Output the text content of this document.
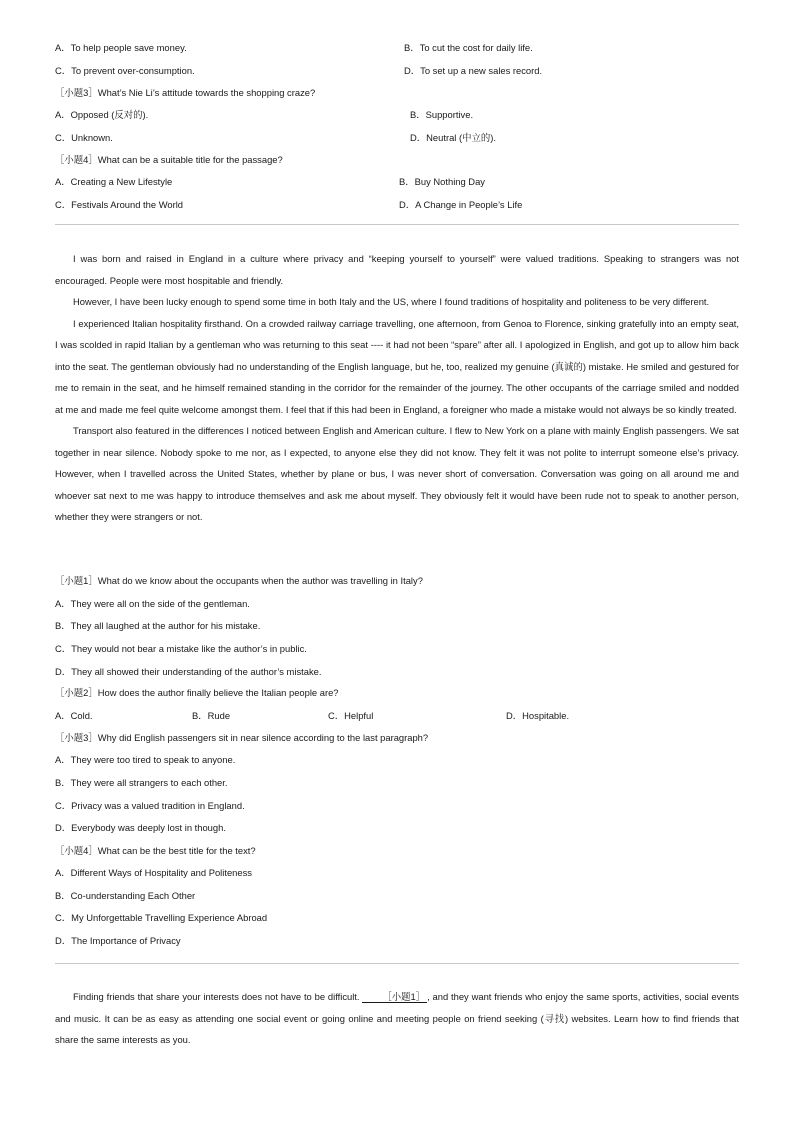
A．To help people save money.	B．To cut the cost for daily life.
C．To prevent over-consumption.	D．To set up a new sales record.
［小题3］What’s Nie Li’s attitude towards the shopping craze?
A．Opposed (反对的).	B．Supportive.
C．Unknown.	D．Neutral (中立的).
［小题4］What can be a suitable title for the passage?
A．Creating a New Lifestyle	B．Buy Nothing Day
C．Festivals Around the World	D．A Change in People’s Life

I was born and raised in England in a culture where privacy and “keeping yourself to yourself” were valued traditions. Speaking to strangers was not encouraged. People were most hospitable and friendly.

However, I have been lucky enough to spend some time in both Italy and the US, where I found traditions of hospitality and politeness to be very different.

I experienced Italian hospitality firsthand. On a crowded railway carriage travelling, one afternoon, from Genoa to Florence, sinking gratefully into an empty seat, I was scolded in rapid Italian by a gentleman who was returning to this seat ---- it had not been “spare” after all. I apologized in English, and got up to allow him back into the seat. The gentleman obviously had no understanding of the English language, but he, too, realized my genuine (真诚的) mistake. He smiled and gestured for me to remain in the seat, and he himself remained standing in the corridor for the remainder of the journey. The other occupants of the carriage smiled and nodded at me and made me feel quite welcome amongst them. I feel that if this had been in England, a foreigner who made a mistake would not always be so kindly treated.

Transport also featured in the differences I noticed between English and American culture. I flew to New York on a plane with mainly English passengers. We sat together in near silence. Nobody spoke to me nor, as I expected, to anyone else they did not know. They felt it was not polite to interrupt someone else’s privacy. However, when I travelled across the United States, whether by plane or bus, I was never short of conversation. Conversation was going on all around me and whoever sat next to me was happy to introduce themselves and ask me about myself. They obviously felt it would have been rude not to speak to another person, whether they were strangers or not.

［小题1］What do we know about the occupants when the author was travelling in Italy?
A．They were all on the side of the gentleman.
B．They all laughed at the author for his mistake.
C．They would not bear a mistake like the author’s in public.
D．They all showed their understanding of the author’s mistake.
［小题2］How does the author finally believe the Italian people are?
A．Cold.	B．Rude	C．Helpful	D．Hospitable.
［小题3］Why did English passengers sit in near silence according to the last paragraph?
A．They were too tired to speak to anyone.
B．They were all strangers to each other.
C．Privacy was a valued tradition in England.
D．Everybody was deeply lost in though.
［小题4］What can be the best title for the text?
A．Different Ways of Hospitality and Politeness
B．Co-understanding Each Other
C．My Unforgettable Travelling Experience Abroad
D．The Importance of Privacy

Finding friends that share your interests does not have to be difficult. ［小题1］ , and they want friends who enjoy the same sports, activities, social events and music. It can be as easy as attending one social event or going online and meeting people on friend seeking (寻找) websites. Learn how to find friends that share the same interests as you.
